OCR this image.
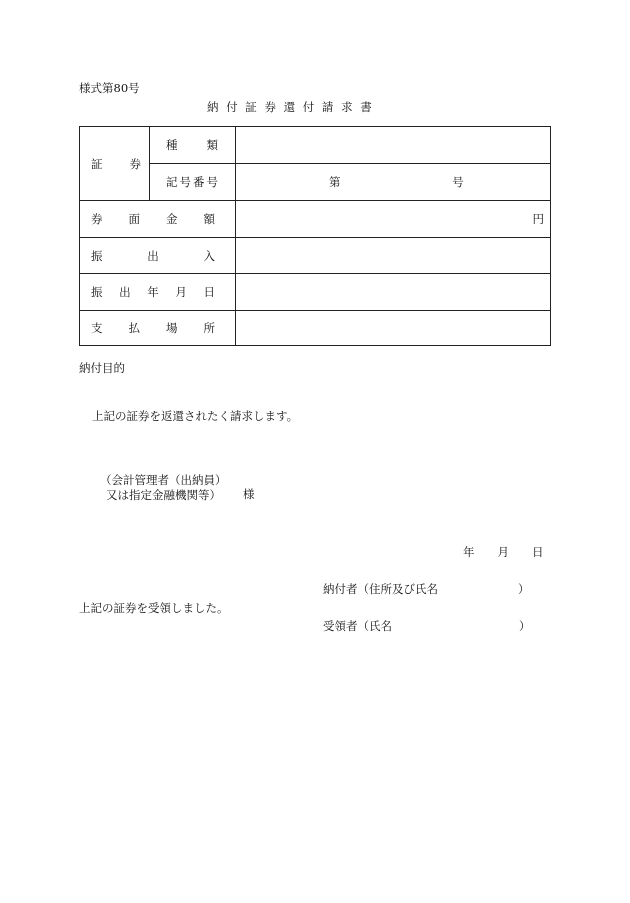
様式第80号
納 付 証 券 還 付 請 求 書
証 券	種 類	

	記号番号	第 号

券 面 金 額		円

振 出 入		

振 出 年 月 日		

支 払 場 所		

納付目的
上記の証券を返還されたく請求します。
（会計管理者（出納員）
又は指定金融機関等） 様
年 月 日
納付者（住所及び氏名	）
上記の証券を受領しました。
受領者（氏名	）
